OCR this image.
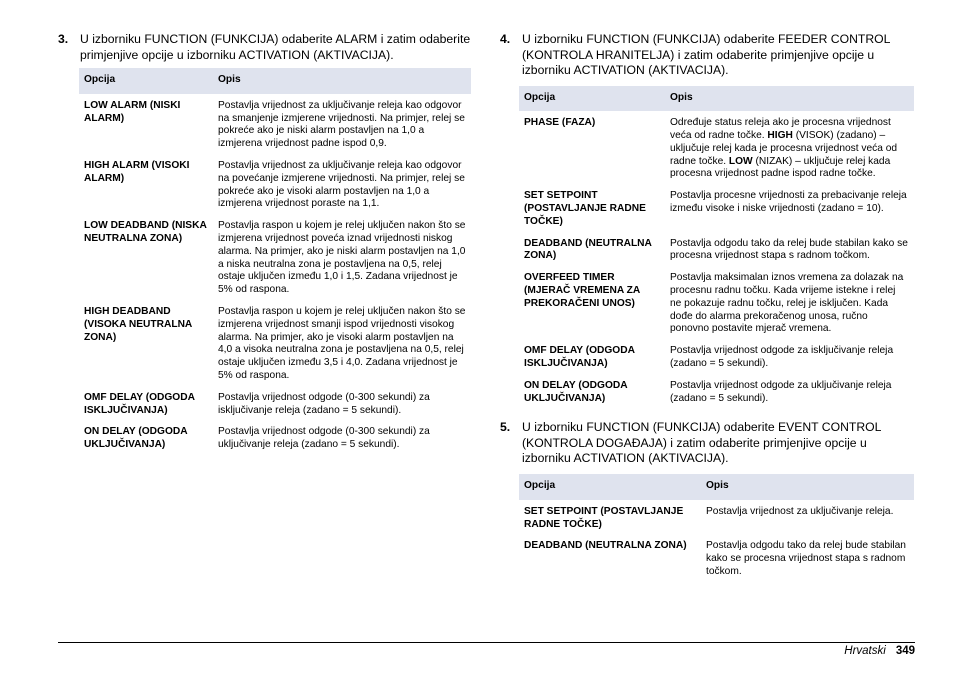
3. U izborniku FUNCTION (FUNKCIJA) odaberite ALARM i zatim odaberite primjenjive opcije u izborniku ACTIVATION (AKTIVACIJA).
Opcija	Opis
LOW ALARM (NISKI ALARM)	Postavlja vrijednost za uključivanje releja kao odgovor na smanjenje izmjerene vrijednosti. Na primjer, relej se pokreće ako je niski alarm postavljen na 1,0 a izmjerena vrijednost padne ispod 0,9.
HIGH ALARM (VISOKI ALARM)	Postavlja vrijednost za uključivanje releja kao odgovor na povećanje izmjerene vrijednosti. Na primjer, relej se pokreće ako je visoki alarm postavljen na 1,0 a izmjerena vrijednost poraste na 1,1.
LOW DEADBAND (NISKA NEUTRALNA ZONA)	Postavlja raspon u kojem je relej uključen nakon što se izmjerena vrijednost poveća iznad vrijednosti niskog alarma. Na primjer, ako je niski alarm postavljen na 1,0 a niska neutralna zona je postavljena na 0,5, relej ostaje uključen između 1,0 i 1,5. Zadana vrijednost je 5% od raspona.
HIGH DEADBAND (VISOKA NEUTRALNA ZONA)	Postavlja raspon u kojem je relej uključen nakon što se izmjerena vrijednost smanji ispod vrijednosti visokog alarma. Na primjer, ako je visoki alarm postavljen na 4,0 a visoka neutralna zona je postavljena na 0,5, relej ostaje uključen između 3,5 i 4,0. Zadana vrijednost je 5% od raspona.
OMF DELAY (ODGODA ISKLJUČIVANJA)	Postavlja vrijednost odgode (0-300 sekundi) za isključivanje releja (zadano = 5 sekundi).
ON DELAY (ODGODA UKLJUČIVANJA)	Postavlja vrijednost odgode (0-300 sekundi) za uključivanje releja (zadano = 5 sekundi).
4. U izborniku FUNCTION (FUNKCIJA) odaberite FEEDER CONTROL (KONTROLA HRANITELJA) i zatim odaberite primjenjive opcije u izborniku ACTIVATION (AKTIVACIJA).
Opcija	Opis
PHASE (FAZA)	Određuje status releja ako je procesna vrijednost veća od radne točke. HIGH (VISOK) (zadano) – uključuje relej kada je procesna vrijednost veća od radne točke. LOW (NIZAK) – uključuje relej kada procesna vrijednost padne ispod radne točke.
SET SETPOINT (POSTAVLJANJE RADNE TOČKE)	Postavlja procesne vrijednosti za prebacivanje releja između visoke i niske vrijednosti (zadano = 10).
DEADBAND (NEUTRALNA ZONA)	Postavlja odgodu tako da relej bude stabilan kako se procesna vrijednost stapa s radnom točkom.
OVERFEED TIMER (MJERAČ VREMENA ZA PREKORAČENI UNOS)	Postavlja maksimalan iznos vremena za dolazak na procesnu radnu točku. Kada vrijeme istekne i relej ne pokazuje radnu točku, relej je isključen. Kada dođe do alarma prekoračenog unosa, ručno ponovno postavite mjerač vremena.
OMF DELAY (ODGODA ISKLJUČIVANJA)	Postavlja vrijednost odgode za isključivanje releja (zadano = 5 sekundi).
ON DELAY (ODGODA UKLJUČIVANJA)	Postavlja vrijednost odgode za uključivanje releja (zadano = 5 sekundi).
5. U izborniku FUNCTION (FUNKCIJA) odaberite EVENT CONTROL (KONTROLA DOGAĐAJA) i zatim odaberite primjenjive opcije u izborniku ACTIVATION (AKTIVACIJA).
Opcija	Opis
SET SETPOINT (POSTAVLJANJE RADNE TOČKE)	Postavlja vrijednost za uključivanje releja.
DEADBAND (NEUTRALNA ZONA)	Postavlja odgodu tako da relej bude stabilan kako se procesna vrijednost stapa s radnom točkom.
Hrvatski 349
